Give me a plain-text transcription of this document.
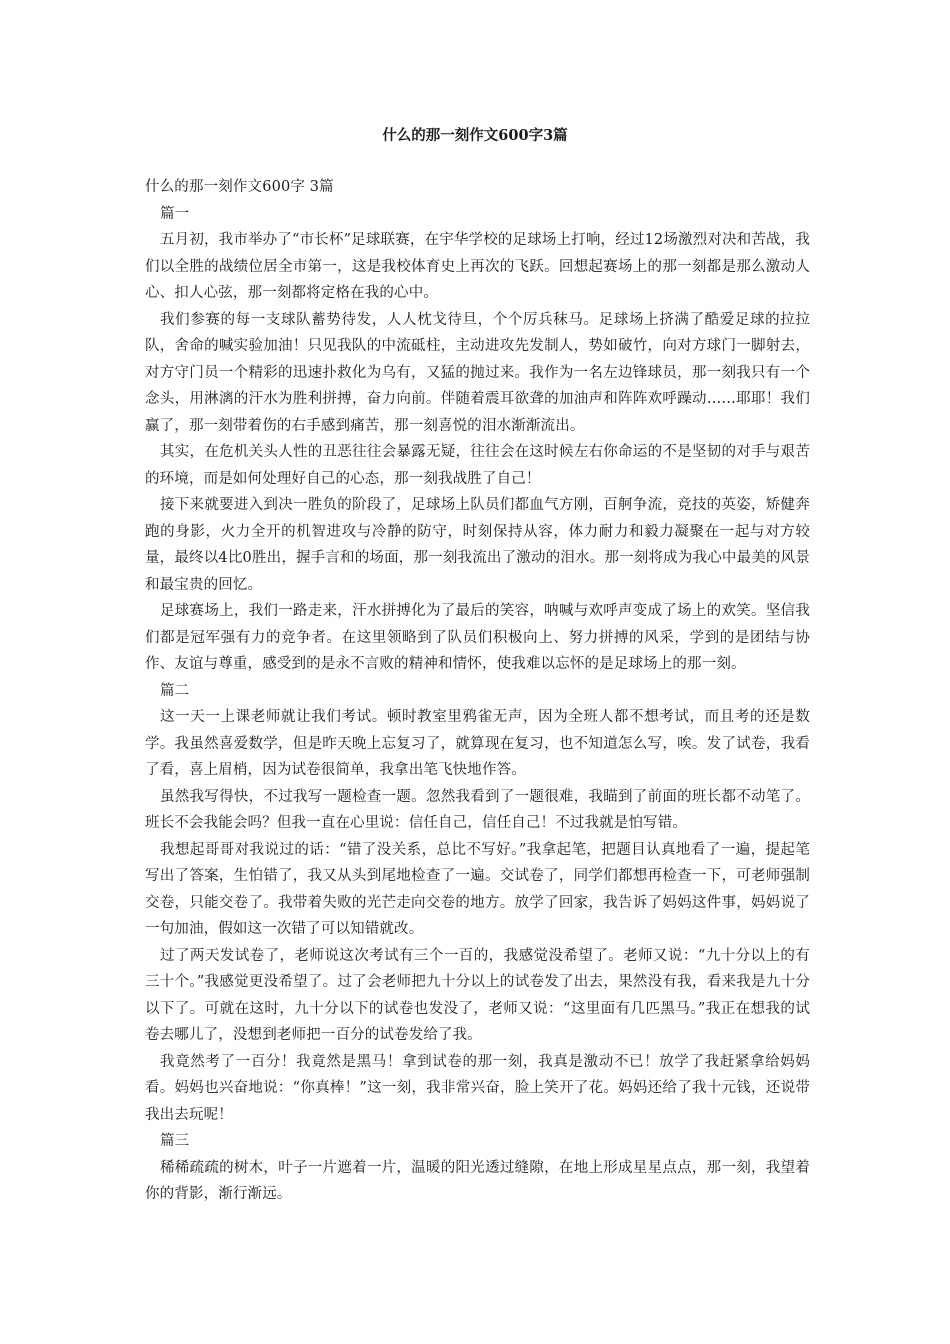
什么的那一刻作文600字3篇

什么的那一刻作文600字 3篇

篇一

五月初，我市举办了“市长杯”足球联赛，在宇华学校的足球场上打响，经过12场激烈对决和苦战，我们以全胜的战绩位居全市第一，这是我校体育史上再次的飞跃。回想起赛场上的那一刻都是那么激动人心、扣人心弦，那一刻都将定格在我的心中。

我们参赛的每一支球队蓄势待发，人人枕戈待旦，个个厉兵秣马。足球场上挤满了酷爱足球的拉拉队，舍命的喊实验加油！只见我队的中流砥柱，主动进攻先发制人，势如破竹，向对方球门一脚射去，对方守门员一个精彩的迅速扑救化为乌有，又猛的抛过来。我作为一名左边锋球员，那一刻我只有一个念头，用淋漓的汗水为胜利拼搏，奋力向前。伴随着震耳欲聋的加油声和阵阵欢呼躁动……耶耶！我们赢了，那一刻带着伤的右手感到痛苦，那一刻喜悦的泪水渐渐流出。

其实，在危机关头人性的丑恶往往会暴露无疑，往往会在这时候左右你命运的不是坚韧的对手与艰苦的环境，而是如何处理好自己的心态，那一刻我战胜了自己！

接下来就要进入到决一胜负的阶段了，足球场上队员们都血气方刚，百舸争流，竞技的英姿，矫健奔跑的身影，火力全开的机智进攻与冷静的防守，时刻保持从容，体力耐力和毅力凝聚在一起与对方较量，最终以4比0胜出，握手言和的场面，那一刻我流出了激动的泪水。那一刻将成为我心中最美的风景和最宝贵的回忆。

足球赛场上，我们一路走来，汗水拼搏化为了最后的笑容，呐喊与欢呼声变成了场上的欢笑。坚信我们都是冠军强有力的竞争者。在这里领略到了队员们积极向上、努力拼搏的风采，学到的是团结与协作、友谊与尊重，感受到的是永不言败的精神和情怀，使我难以忘怀的是足球场上的那一刻。

篇二

这一天一上课老师就让我们考试。顿时教室里鸦雀无声，因为全班人都不想考试，而且考的还是数学。我虽然喜爱数学，但是昨天晚上忘复习了，就算现在复习，也不知道怎么写，唉。发了试卷，我看了看，喜上眉梢，因为试卷很简单，我拿出笔飞快地作答。

虽然我写得快，不过我写一题检查一题。忽然我看到了一题很难，我瞄到了前面的班长都不动笔了。班长不会我能会吗？但我一直在心里说：信任自己，信任自己！不过我就是怕写错。

我想起哥哥对我说过的话：“错了没关系，总比不写好。”我拿起笔，把题目认真地看了一遍，提起笔写出了答案，生怕错了，我又从头到尾地检查了一遍。交试卷了，同学们都想再检查一下，可老师强制交卷，只能交卷了。我带着失败的光芒走向交卷的地方。放学了回家，我告诉了妈妈这件事，妈妈说了一句加油，假如这一次错了可以知错就改。

过了两天发试卷了，老师说这次考试有三个一百的，我感觉没希望了。老师又说：“九十分以上的有三十个。”我感觉更没希望了。过了会老师把九十分以上的试卷发了出去，果然没有我，看来我是九十分以下了。可就在这时，九十分以下的试卷也发没了，老师又说：“这里面有几匹黑马。”我正在想我的试卷去哪儿了，没想到老师把一百分的试卷发给了我。

我竟然考了一百分！我竟然是黑马！拿到试卷的那一刻，我真是激动不已！放学了我赶紧拿给妈妈看。妈妈也兴奋地说：“你真棒！”这一刻，我非常兴奋，脸上笑开了花。妈妈还给了我十元钱，还说带我出去玩呢！

篇三

稀稀疏疏的树木，叶子一片遮着一片，温暖的阳光透过缝隙，在地上形成星星点点，那一刻，我望着你的背影，渐行渐远。
